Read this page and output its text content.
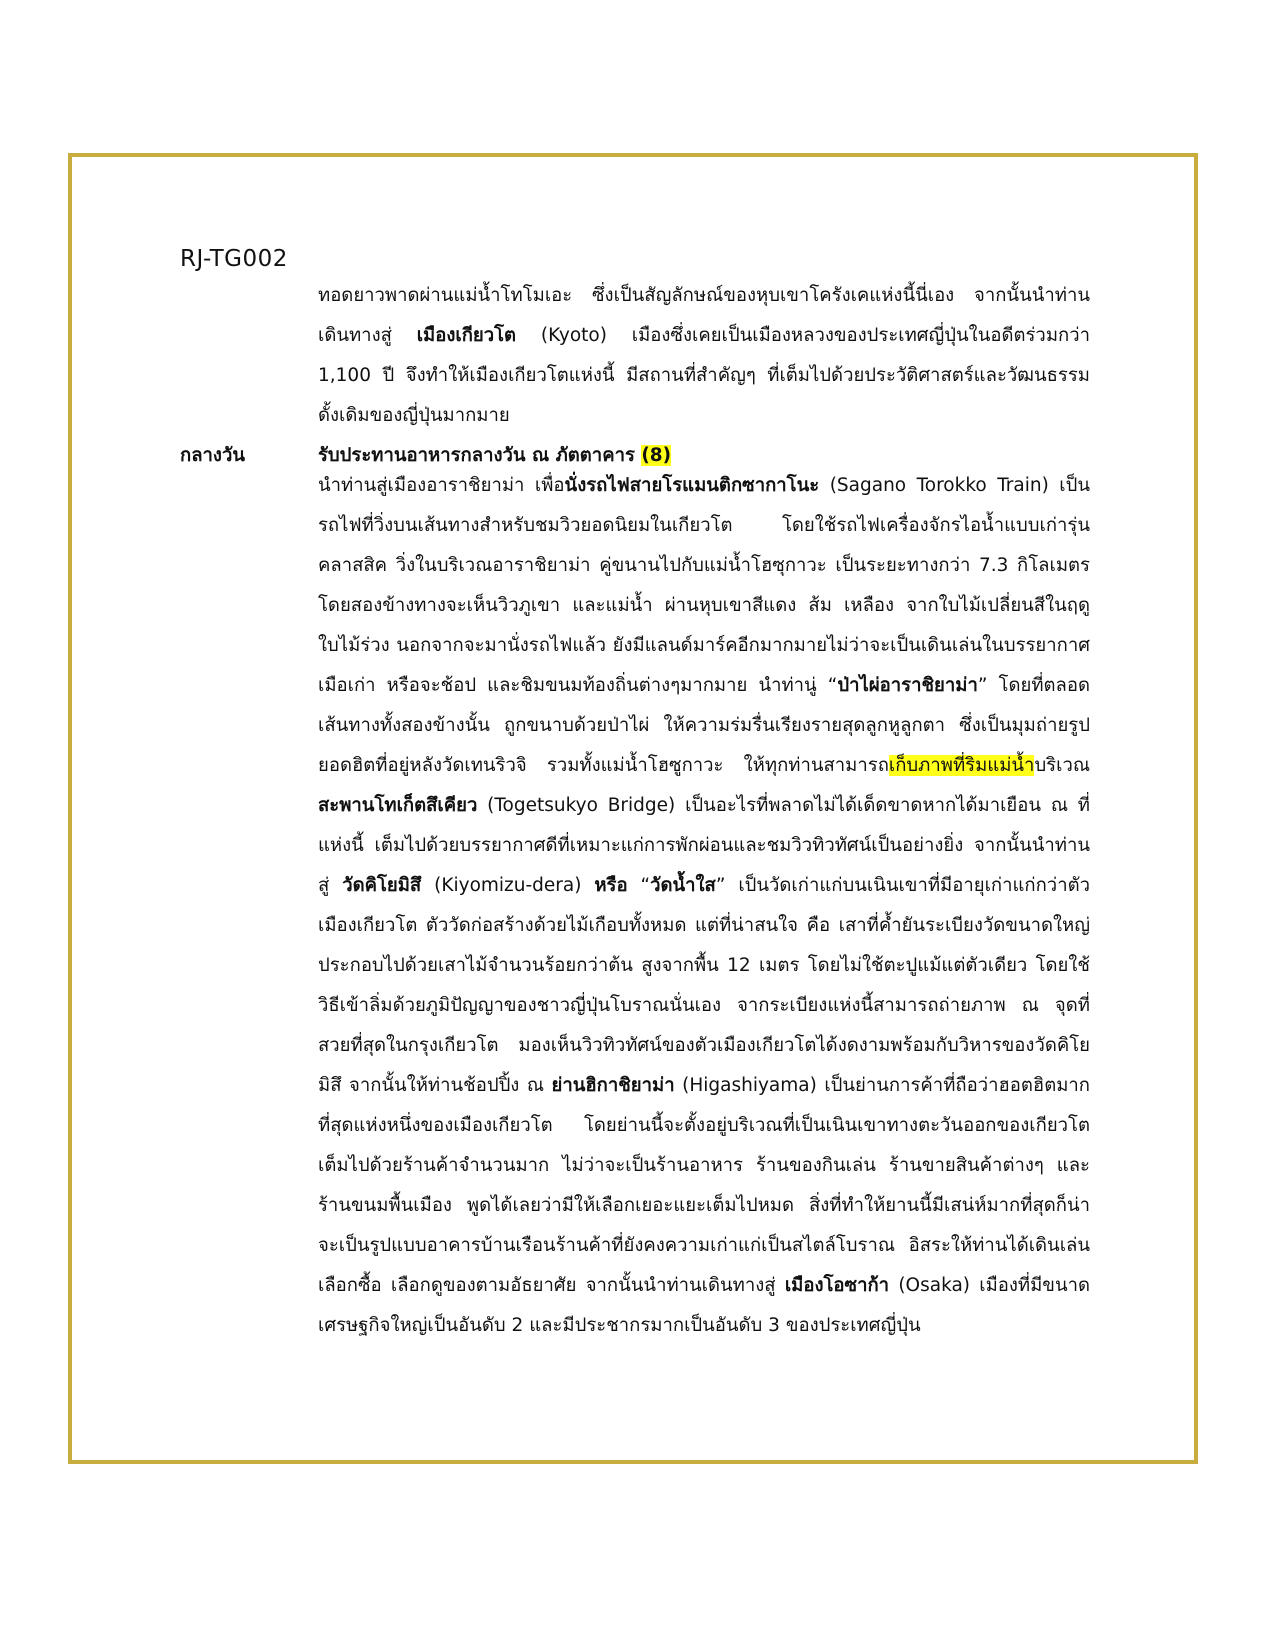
RJ-TG002
ทอดยาวพาดผ่านแม่น้ำโทโมเอะ ซึ่งเป็นสัญลักษณ์ของหุบเขาโครังเคแห่งนี้นี่เอง จากนั้นนำท่านเดินทางสู่ เมืองเกียวโต (Kyoto) เมืองซึ่งเคยเป็นเมืองหลวงของประเทศญี่ปุ่นในอดีตร่วมกว่า 1,100 ปี จึงทำให้เมืองเกียวโตแห่งนี้ มีสถานที่สำคัญๆ ที่เต็มไปด้วยประวัติศาสตร์และวัฒนธรรมดั้งเดิมของญี่ปุ่นมากมาย
กลางวัน	รับประทานอาหารกลางวัน ณ ภัตตาคาร (8)
นำท่านสู่เมืองอาราชิยาม่า เพื่อนั่งรถไฟสายโรแมนติกซากาโนะ (Sagano Torokko Train) เป็นรถไฟที่วิ่งบนเส้นทางสำหรับชมวิวยอดนิยมในเกียวโต โดยใช้รถไฟเครื่องจักรไอน้ำแบบเก่ารุ่นคลาสสิค วิ่งในบริเวณอาราชิยาม่า คู่ขนานไปกับแม่น้ำโฮซุกาวะ เป็นระยะทางกว่า 7.3 กิโลเมตร โดยสองข้างทางจะเห็นวิวภูเขา และแม่น้ำ ผ่านหุบเขาสีแดง ส้ม เหลือง จากใบไม้เปลี่ยนสีในฤดูใบไม้ร่วง นอกจากจะมานั่งรถไฟแล้ว ยังมีแลนด์มาร์คอีกมากมายไม่ว่าจะเป็นเดินเล่นในบรรยากาศเมือเก่า หรือจะช้อป และชิมขนมท้องถิ่นต่างๆมากมาย นำท่านู่ “ป่าไผ่อาราชิยาม่า” โดยที่ตลอดเส้นทางทั้งสองข้างนั้น ถูกขนาบด้วยป่าไผ่ ให้ความร่มรื่นเรียงรายสุดลูกหูลูกตา ซึ่งเป็นมุมถ่ายรูปยอดฮิตที่อยู่หลังวัดเทนริวจิ รวมทั้งแม่น้ำโฮซูกาวะ ให้ทุกท่านสามารถเก็บภาพที่ริมแม่น้ำบริเวณ สะพานโทเก็ตสึเคียว (Togetsukyo Bridge) เป็นอะไรที่พลาดไม่ได้เด็ดขาดหากได้มาเยือน ณ ที่แห่งนี้ เต็มไปด้วยบรรยากาศดีที่เหมาะแก่การพักผ่อนและชมวิวทิวทัศน์เป็นอย่างยิ่ง จากนั้นนำท่านสู่ วัดคิโยมิสึ (Kiyomizu-dera) หรือ “วัดน้ำใส” เป็นวัดเก่าแก่บนเนินเขาที่มีอายุเก่าแก่กว่าตัวเมืองเกียวโต ตัววัดก่อสร้างด้วยไม้เกือบทั้งหมด แต่ที่น่าสนใจ คือ เสาที่ค้ำยันระเบียงวัดขนาดใหญ่ ประกอบไปด้วยเสาไม้จำนวนร้อยกว่าต้น สูงจากพื้น 12 เมตร โดยไม่ใช้ตะปูแม้แต่ตัวเดียว โดยใช้วิธีเข้าลิ่มด้วยภูมิปัญญาของชาวญี่ปุ่นโบราณนั่นเอง จากระเบียงแห่งนี้สามารถถ่ายภาพ ณ จุดที่สวยที่สุดในกรุงเกียวโต มองเห็นวิวทิวทัศน์ของตัวเมืองเกียวโตได้งดงามพร้อมกับวิหารของวัดคิโยมิสึ จากนั้นให้ท่านช้อปปิ้ง ณ ย่านฮิกาชิยาม่า (Higashiyama) เป็นย่านการค้าที่ถือว่าฮอตฮิตมากที่สุดแห่งหนึ่งของเมืองเกียวโต โดยย่านนี้จะตั้งอยู่บริเวณที่เป็นเนินเขาทางตะวันออกของเกียวโต เต็มไปด้วยร้านค้าจำนวนมาก ไม่ว่าจะเป็นร้านอาหาร ร้านของกินเล่น ร้านขายสินค้าต่างๆ และร้านขนมพื้นเมือง พูดได้เลยว่ามีให้เลือกเยอะแยะเต็มไปหมด สิ่งที่ทำให้ยานนี้มีเสน่ห์มากที่สุดก็น่าจะเป็นรูปแบบอาคารบ้านเรือนร้านค้าที่ยังคงความเก่าแก่เป็นสไตล์โบราณ อิสระให้ท่านได้เดินเล่น เลือกซื้อ เลือกดูของตามอัธยาศัย จากนั้นนำท่านเดินทางสู่ เมืองโอซาก้า (Osaka) เมืองที่มีขนาดเศรษฐกิจใหญ่เป็นอันดับ 2 และมีประชากรมากเป็นอันดับ 3 ของประเทศญี่ปุ่น
